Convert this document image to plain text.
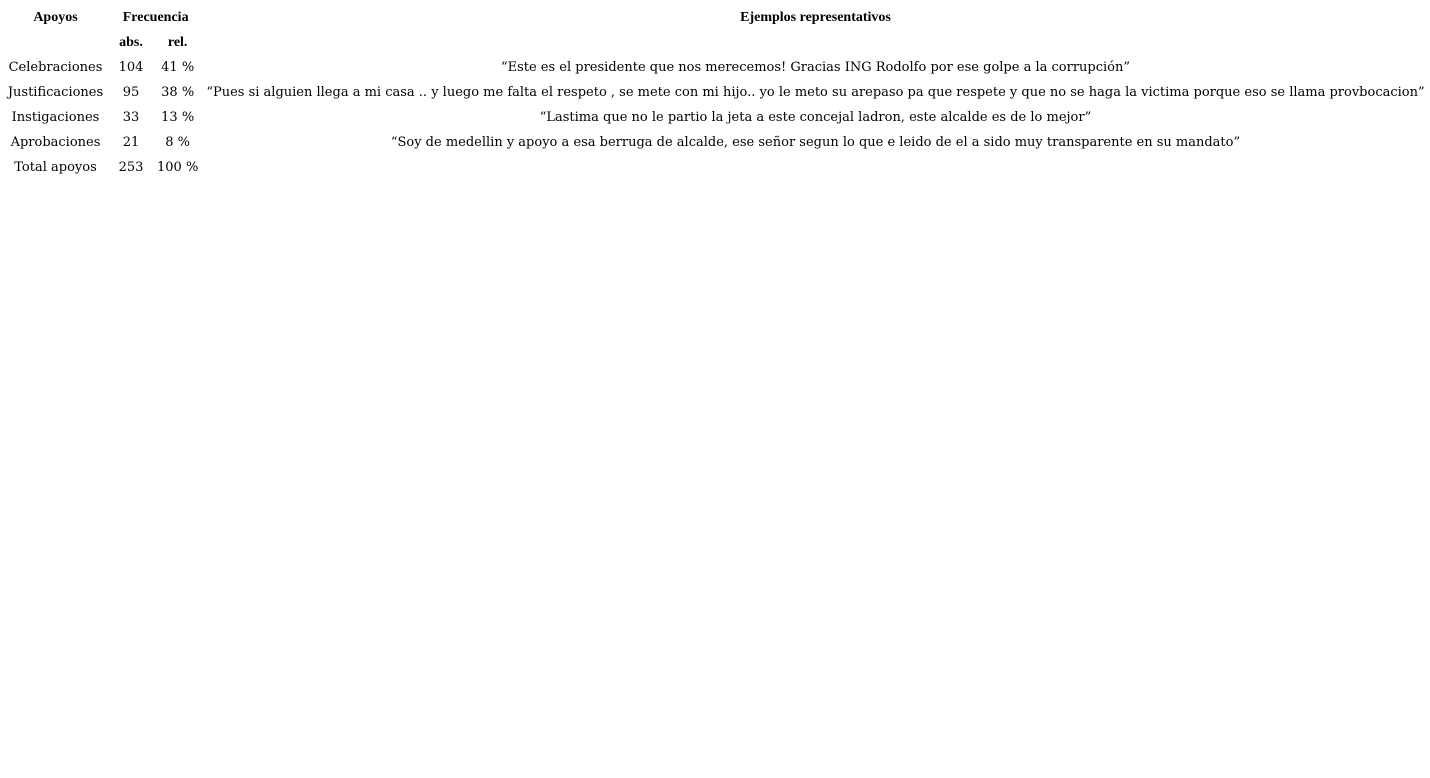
Apoyos	Frecuencia		Ejemplos representativos
	abs.	rel.	
Celebraciones	104	41 %	“Este es el presidente que nos merecemos! Gracias ING Rodolfo por ese golpe a la corrupción”
Justificaciones	95	38 %	“Pues si alguien llega a mi casa .. y luego me falta el respeto , se mete con mi hijo.. yo le meto su arepaso pa que respete y que no se haga la victima porque eso se llama provbocacion”
Instigaciones	33	13 %	“Lastima que no le partio la jeta a este concejal ladron, este alcalde es de lo mejor”
Aprobaciones	21	8 %	“Soy de medellin y apoyo a esa berruga de alcalde, ese señor segun lo que e leido de el a sido muy transparente en su mandato”
Total apoyos	253	100 %	
